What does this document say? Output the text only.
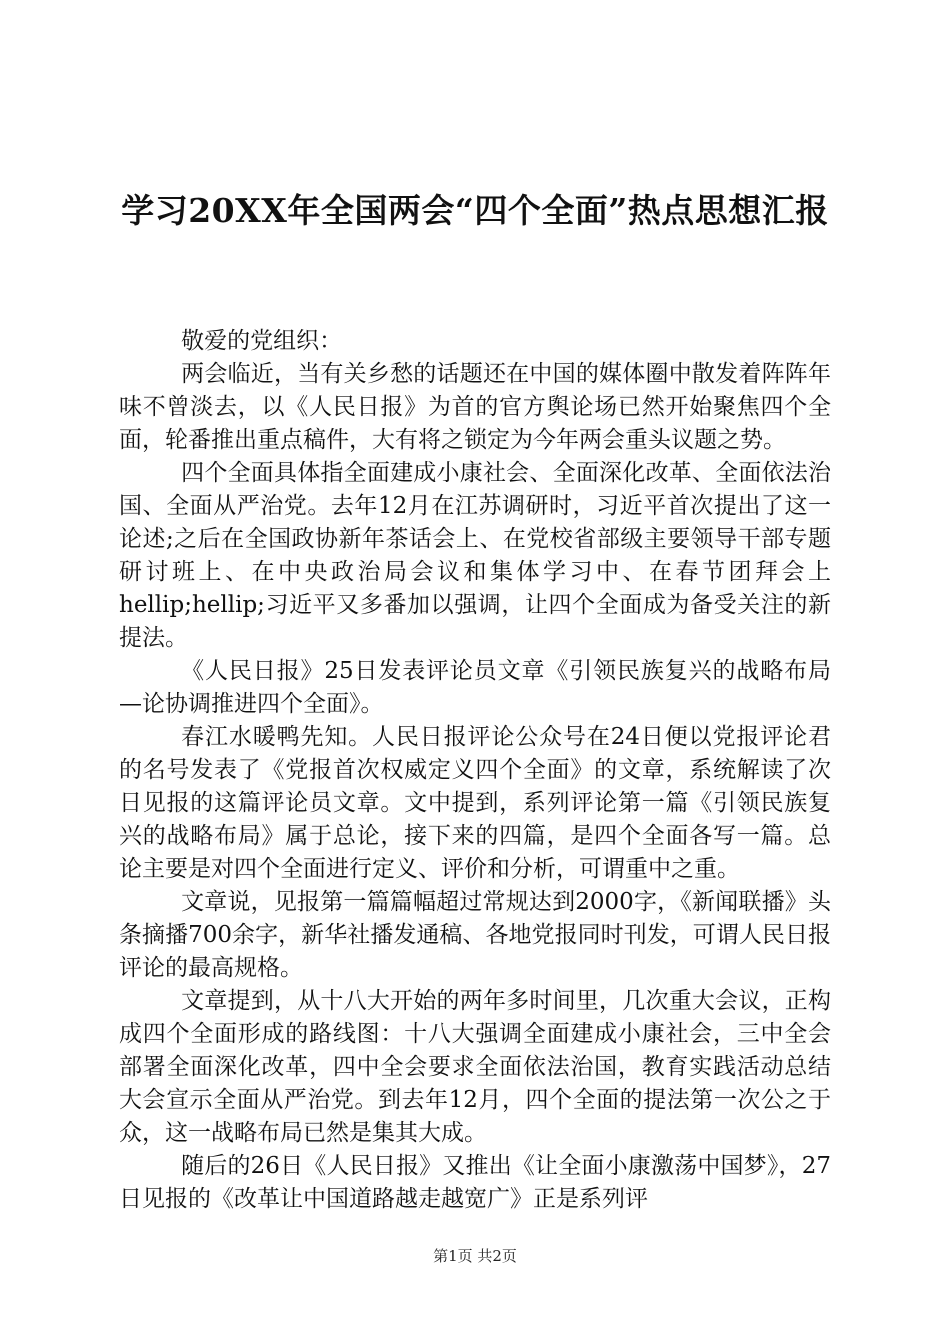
学习20XX年全国两会“四个全面”热点思想汇报

敬爱的党组织：

两会临近，当有关乡愁的话题还在中国的媒体圈中散发着阵阵年味不曾淡去，以《人民日报》为首的官方舆论场已然开始聚焦四个全面，轮番推出重点稿件，大有将之锁定为今年两会重头议题之势。

四个全面具体指全面建成小康社会、全面深化改革、全面依法治国、全面从严治党。去年12月在江苏调研时，习近平首次提出了这一论述;之后在全国政协新年茶话会上、在党校省部级主要领导干部专题研讨班上、在中央政治局会议和集体学习中、在春节团拜会上hellip;hellip;习近平又多番加以强调，让四个全面成为备受关注的新提法。

《人民日报》25日发表评论员文章《引领民族复兴的战略布局—论协调推进四个全面》。

春江水暖鸭先知。人民日报评论公众号在24日便以党报评论君的名号发表了《党报首次权威定义四个全面》的文章，系统解读了次日见报的这篇评论员文章。文中提到，系列评论第一篇《引领民族复兴的战略布局》属于总论，接下来的四篇，是四个全面各写一篇。总论主要是对四个全面进行定义、评价和分析，可谓重中之重。

文章说，见报第一篇篇幅超过常规达到2000字，《新闻联播》头条摘播700余字，新华社播发通稿、各地党报同时刊发，可谓人民日报评论的最高规格。

文章提到，从十八大开始的两年多时间里，几次重大会议，正构成四个全面形成的路线图：十八大强调全面建成小康社会，三中全会部署全面深化改革，四中全会要求全面依法治国，教育实践活动总结大会宣示全面从严治党。到去年12月，四个全面的提法第一次公之于众，这一战略布局已然是集其大成。

随后的26日《人民日报》又推出《让全面小康激荡中国梦》，27日见报的《改革让中国道路越走越宽广》正是系列评

第1页 共2页
